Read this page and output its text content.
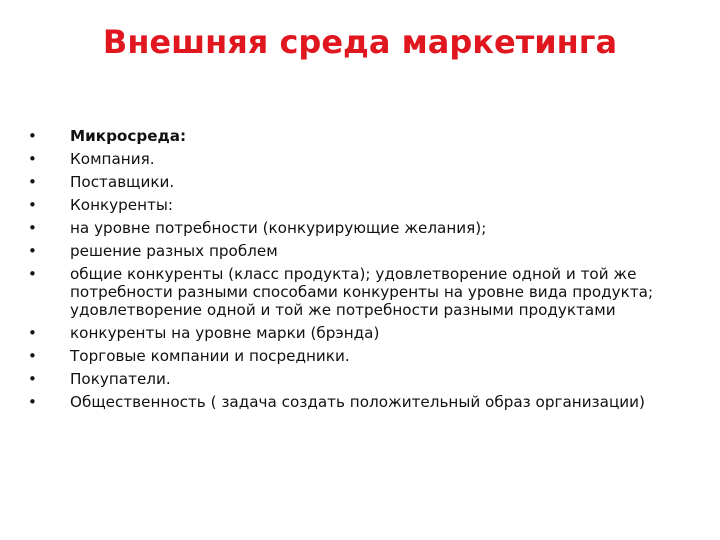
Внешняя среда маркетинга
•	Микросреда:
•	Компания.
•	Поставщики.
•	Конкуренты:
•	на уровне потребности (конкурирующие желания);
•	решение разных проблем
•	общие конкуренты (класс продукта); удовлетворение одной и той же потребности разными способами конкуренты на уровне вида продукта; удовлетворение одной и той же потребности разными продуктами
•	конкуренты на уровне марки (брэнда)
•	Торговые компании и посредники.
•	Покупатели.
•	Общественность ( задача создать положительный образ организации)
